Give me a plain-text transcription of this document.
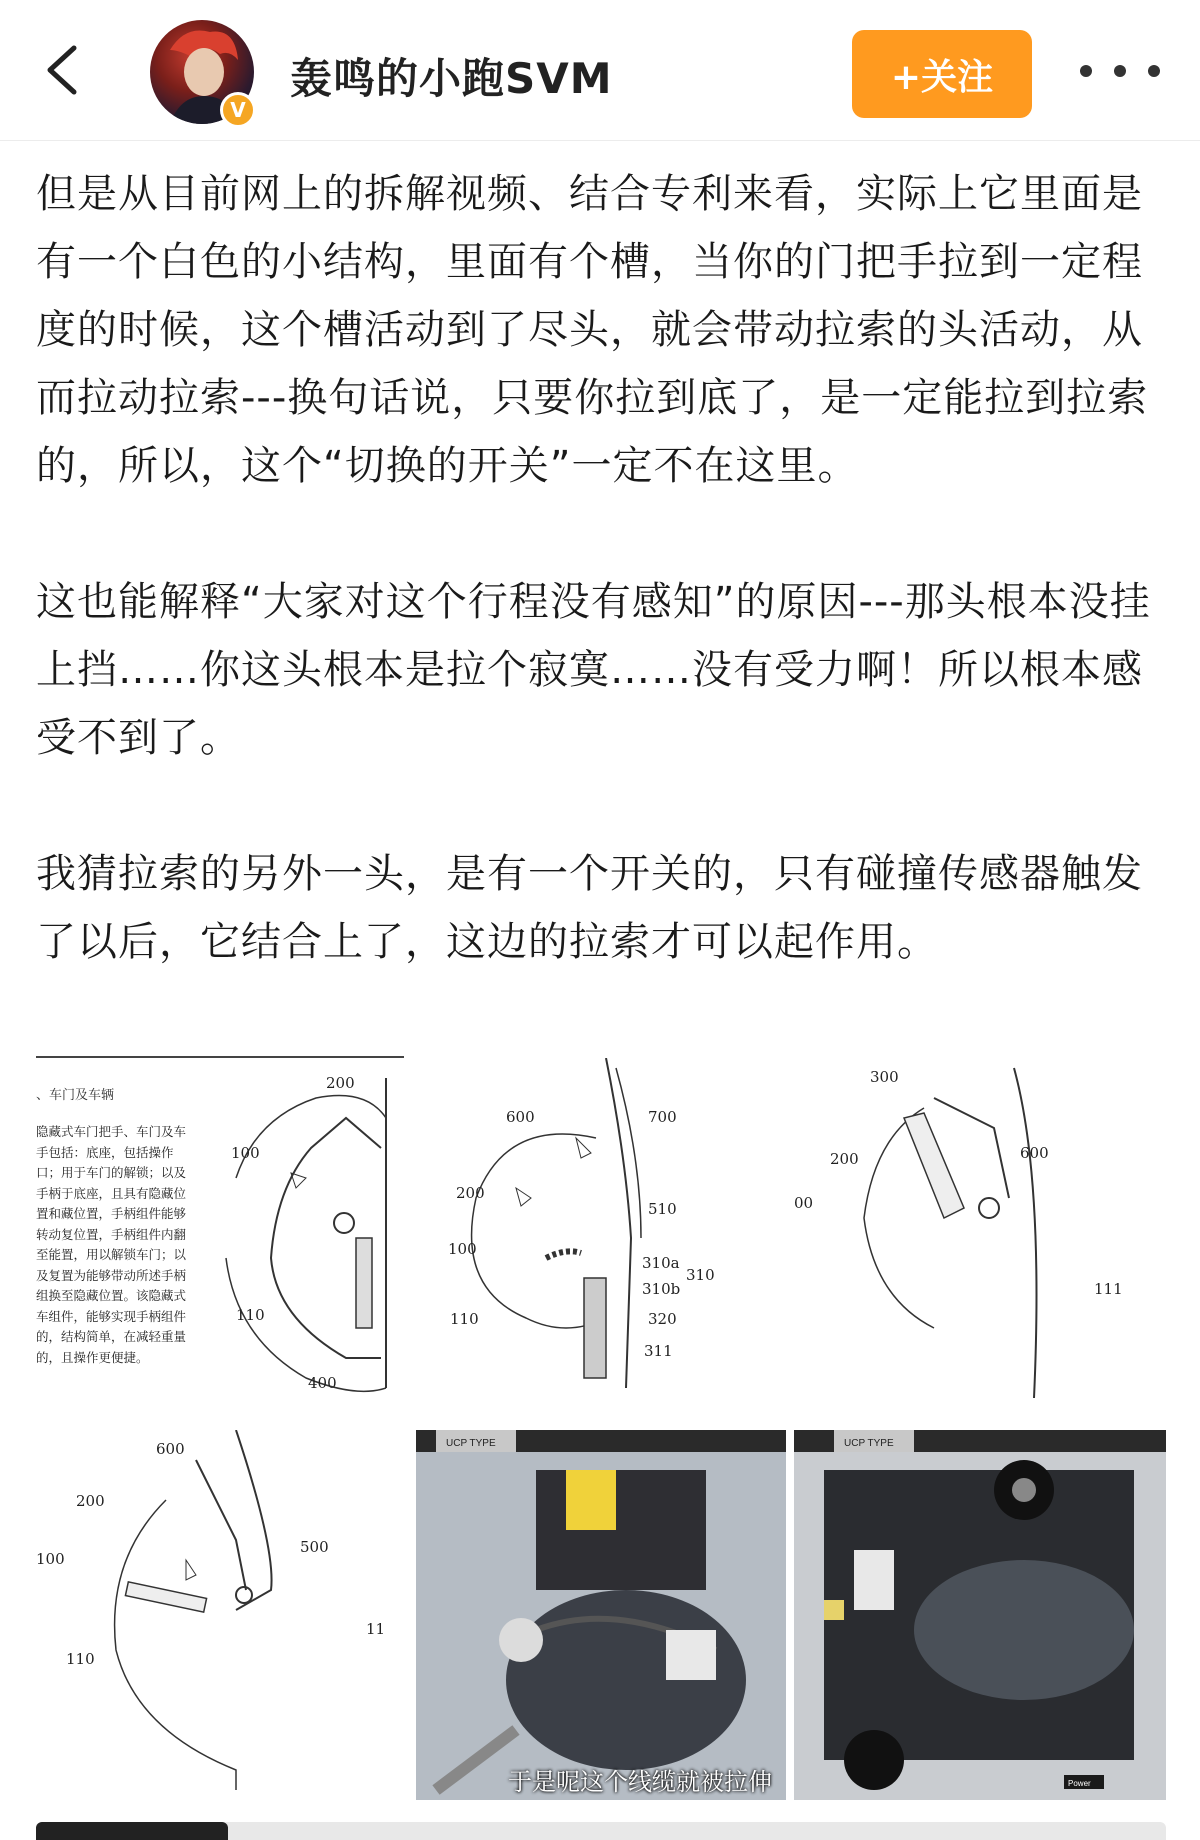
V
轰鸣的小跑SVM	+关注

但是从目前网上的拆解视频、结合专利来看，实际上它里面是有一个白色的小结构，里面有个槽，当你的门把手拉到一定程度的时候，这个槽活动到了尽头，就会带动拉索的头活动，从而拉动拉索---换句话说，只要你拉到底了，是一定能拉到拉索的，所以，这个“切换的开关”一定不在这里。

这也能解释“大家对这个行程没有感知”的原因---那头根本没挂上挡……你这头根本是拉个寂寞……没有受力啊！所以根本感受不到了。

我猜拉索的另外一头，是有一个开关的，只有碰撞传感器触发了以后，它结合上了，这边的拉索才可以起作用。

、车门及车辆
隐藏式车门把手、车门及车手包括：底座，包括操作口；用于车门的解锁；以及手柄于底座，且具有隐藏位置和藏位置，手柄组件能够转动复位置，手柄组件内翻至能置，用以解锁车门；以及复置为能够带动所述手柄组换至隐藏位置。该隐藏式车组件，能够实现手柄组件的，结构简单，在减轻重量的，且操作更便捷。
200
100
110
400
600	700
200
510
100
310a
310
310b
110	320
311
300
200	600
00
111
600
200
500
100
11
110
UCP TYPE
于是呢这个线缆就被拉伸
UCP TYPE
Power
